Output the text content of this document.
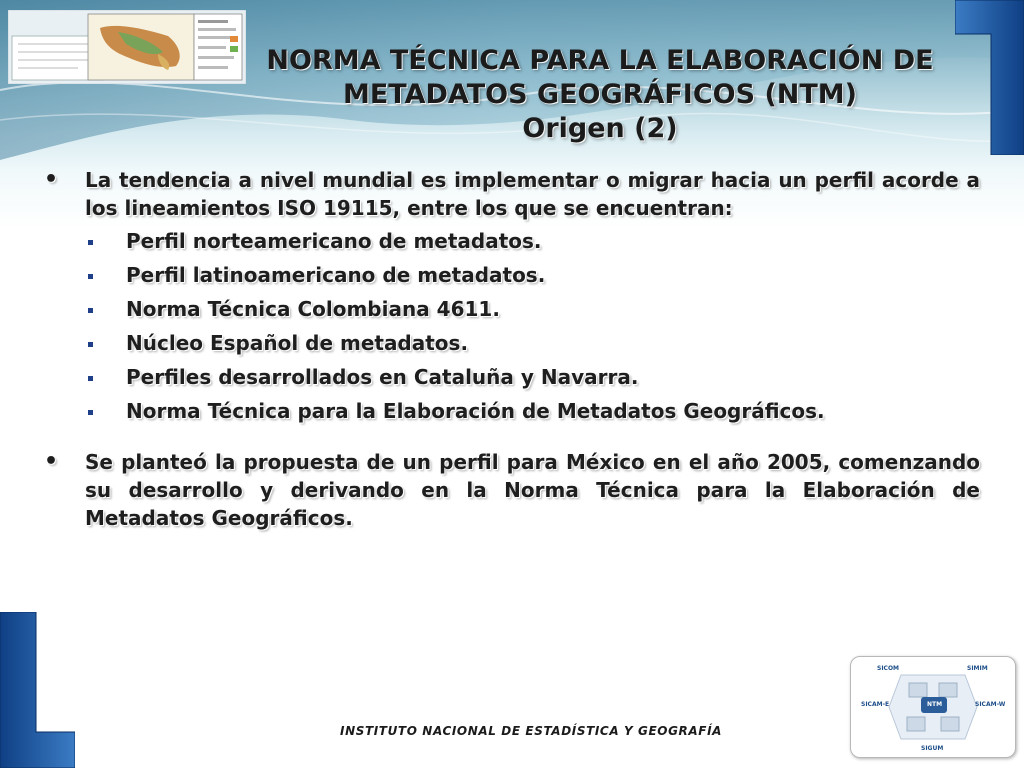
NORMA TÉCNICA PARA LA ELABORACIÓN DE
METADATOS GEOGRÁFICOS (NTM)
Origen (2)
• La tendencia a nivel mundial es implementar o migrar hacia un perfil acorde a los lineamientos ISO 19115, entre los que se encuentran:
Perfil norteamericano de metadatos.
Perfil latinoamericano de metadatos.
Norma Técnica Colombiana 4611.
Núcleo Español de metadatos.
Perfiles desarrollados en Cataluña y Navarra.
Norma Técnica para la Elaboración de Metadatos Geográficos.
• Se planteó la propuesta de un perfil para México en el año 2005, comenzando su desarrollo y derivando en la Norma Técnica para la Elaboración de Metadatos Geográficos.
INSTITUTO NACIONAL DE ESTADÍSTICA Y GEOGRAFÍA
NTM
SICOM	SIMIM
SICAM-E	SICAM-W
SIGUM
